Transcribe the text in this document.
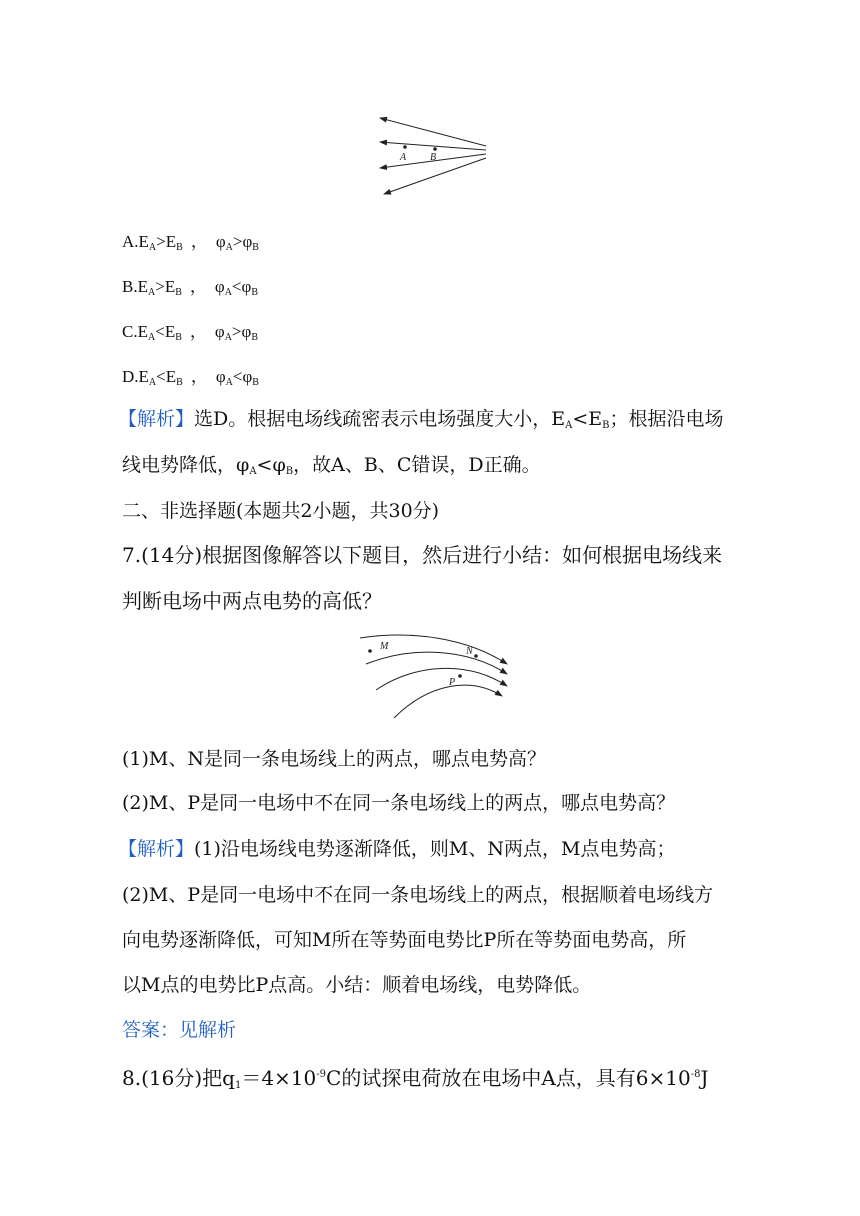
A B
$A.E_A>E_B$ ， $\varphi_A>\varphi_B$
$B.E_A>E_B$ ， $\varphi_A<\varphi_B$
$C.E_A<E_B$ ， $\varphi_A>\varphi_B$
$D.E_A<E_B$ ， $\varphi_A<\varphi_B$
【解析】选D。根据电场线疏密表示电场强度大小，$E_A<E_B$；根据沿电场
线电势降低，$\varphi_A<\varphi_B$，故A、B、C错误，D正确。
二、非选择题(本题共2小题，共30分)
7.(14分)根据图像解答以下题目，然后进行小结：如何根据电场线来
判断电场中两点电势的高低？
M	N
P
(1)M、N是同一条电场线上的两点，哪点电势高？
(2)M、P是同一电场中不在同一条电场线上的两点，哪点电势高？
【解析】(1)沿电场线电势逐渐降低，则M、N两点，M点电势高；
(2)M、P是同一电场中不在同一条电场线上的两点，根据顺着电场线方
向电势逐渐降低，可知M所在等势面电势比P所在等势面电势高，所
以M点的电势比P点高。小结：顺着电场线，电势降低。
答案：见解析
8.(16分)把$q_1=4\times 10^{-9}C$的试探电荷放在电场中A点，具有$6\times 10^{-8}J$
